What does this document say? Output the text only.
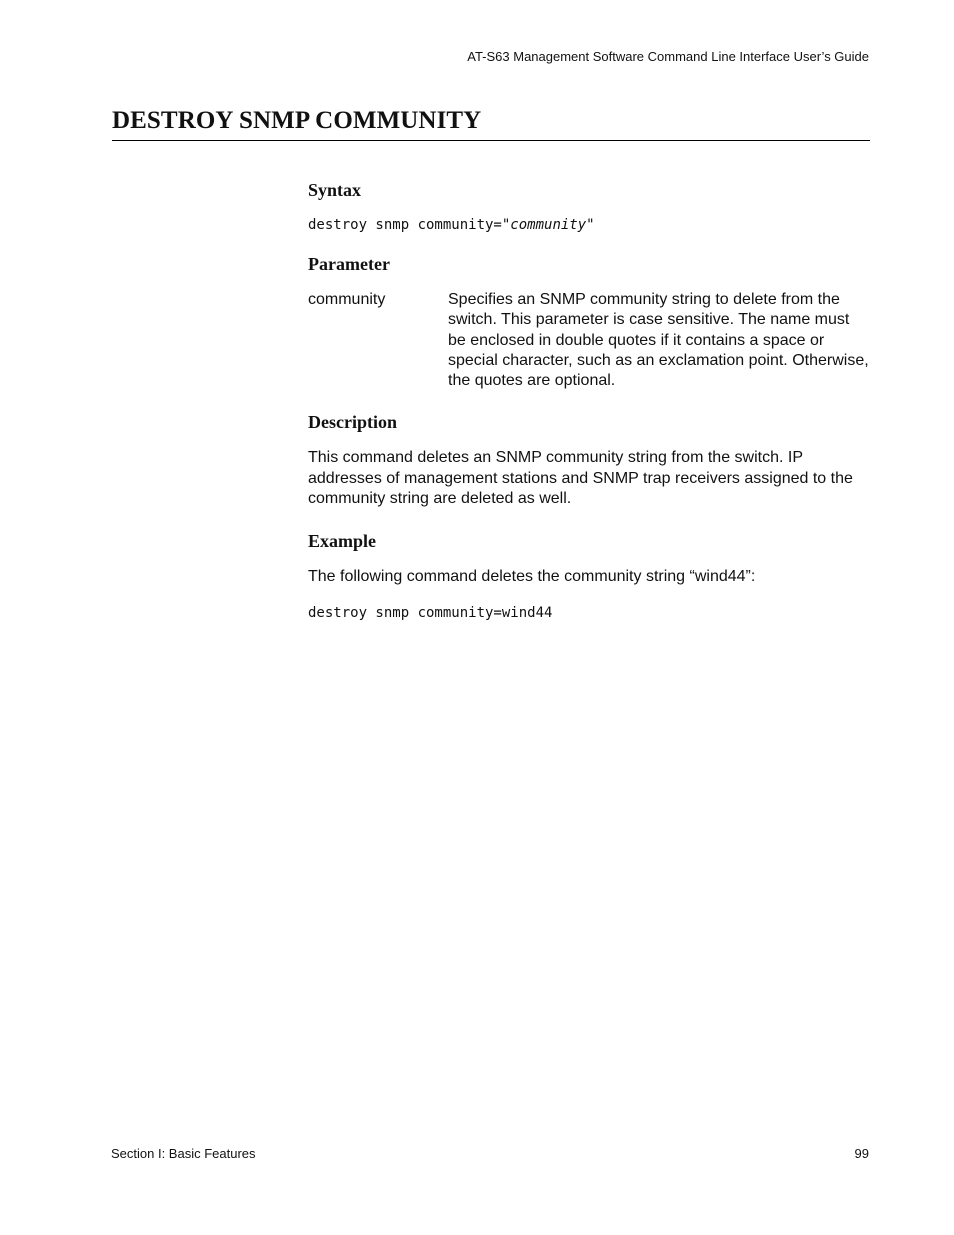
AT-S63 Management Software Command Line Interface User’s Guide
DESTROY SNMP COMMUNITY
Syntax
destroy snmp community="community"
Parameter
community	Specifies an SNMP community string to delete from the switch. This parameter is case sensitive. The name must be enclosed in double quotes if it contains a space or special character, such as an exclamation point. Otherwise, the quotes are optional.
Description
This command deletes an SNMP community string from the switch. IP addresses of management stations and SNMP trap receivers assigned to the community string are deleted as well.
Example
The following command deletes the community string “wind44”:
destroy snmp community=wind44
Section I: Basic Features	99
